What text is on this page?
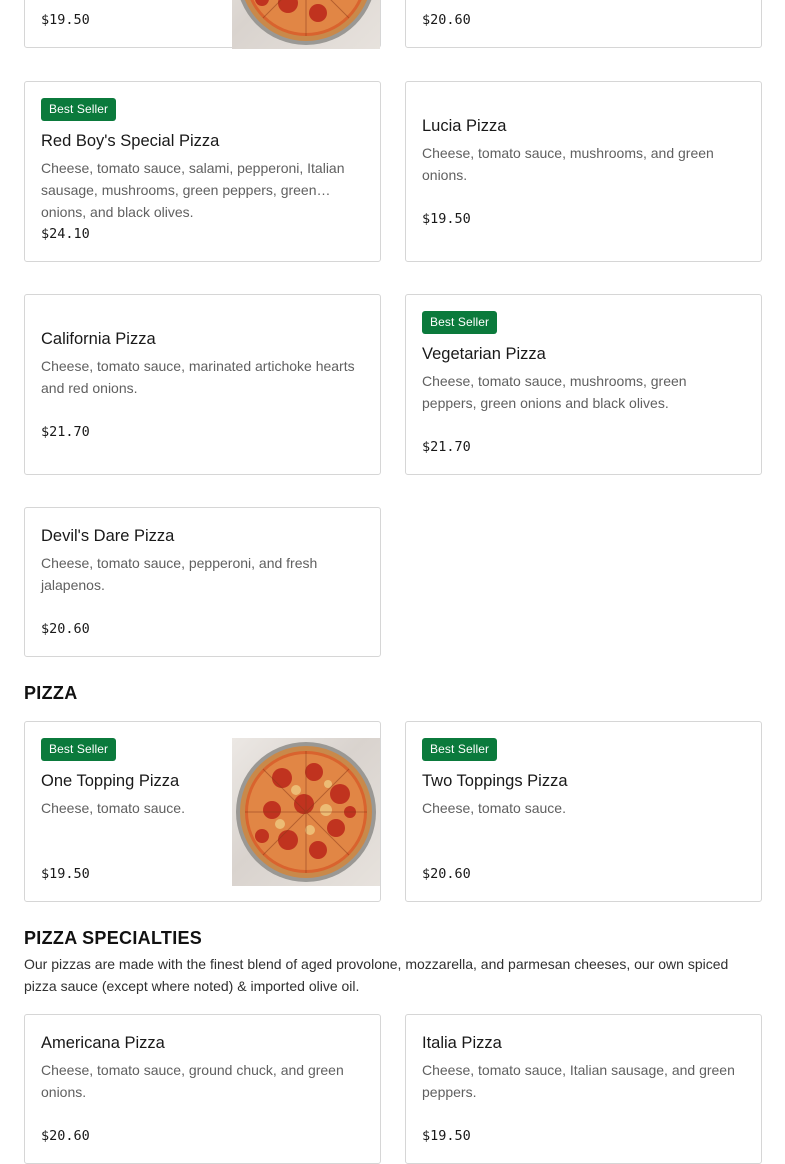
$19.50	$20.60
Best Seller
Red Boy's Special Pizza
Cheese, tomato sauce, salami, pepperoni, Italian sausage, mushrooms, green peppers, green onions, and black olives.
$24.10
Lucia Pizza
Cheese, tomato sauce, mushrooms, and green onions.
$19.50
California Pizza
Cheese, tomato sauce, marinated artichoke hearts and red onions.
$21.70
Best Seller
Vegetarian Pizza
Cheese, tomato sauce, mushrooms, green peppers, green onions and black olives.
$21.70
Devil's Dare Pizza
Cheese, tomato sauce, pepperoni, and fresh jalapenos.
$20.60
PIZZA
Best Seller
One Topping Pizza
Cheese, tomato sauce.
$19.50
Best Seller
Two Toppings Pizza
Cheese, tomato sauce.
$20.60
PIZZA SPECIALTIES
Our pizzas are made with the finest blend of aged provolone, mozzarella, and parmesan cheeses, our own spiced pizza sauce (except where noted) & imported olive oil.
Americana Pizza
Cheese, tomato sauce, ground chuck, and green onions.
$20.60
Italia Pizza
Cheese, tomato sauce, Italian sausage, and green peppers.
$19.50
